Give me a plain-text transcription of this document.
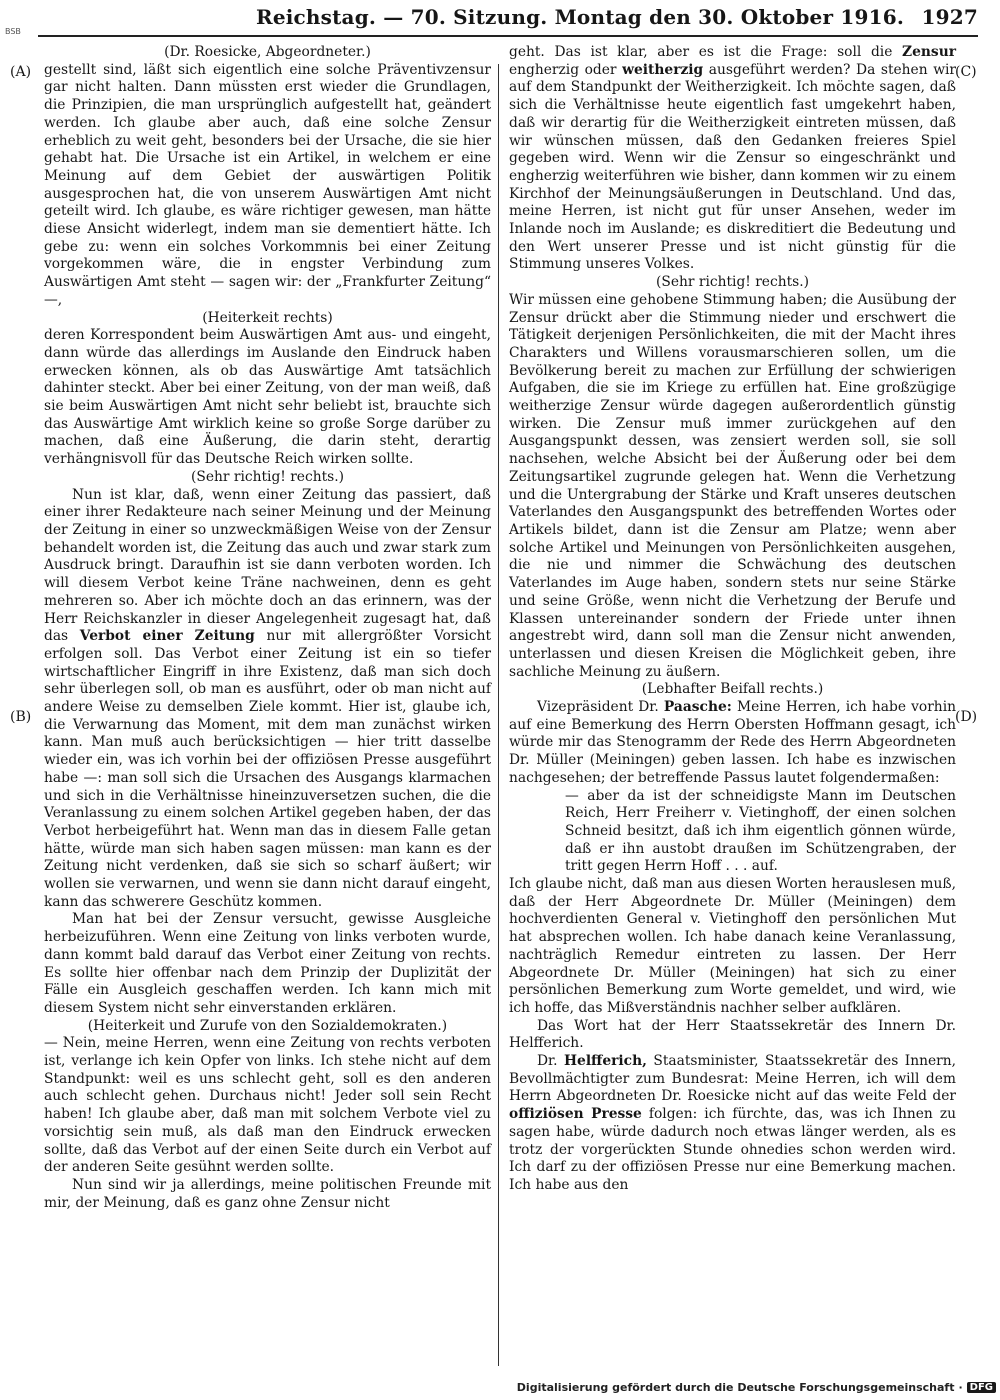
BSB
Reichstag. — 70. Sitzung. Montag den 30. Oktober 1916. 1927
(A)
(B)
(C)
(D)

(Dr. Roesicke, Abgeordneter.)

gestellt sind, läßt sich eigentlich eine solche Präventivzensur gar nicht halten. Dann müssten erst wieder die Grundlagen, die Prinzipien, die man ursprünglich aufgestellt hat, geändert werden. Ich glaube aber auch, daß eine solche Zensur erheblich zu weit geht, besonders bei der Ursache, die sie hier gehabt hat. Die Ursache ist ein Artikel, in welchem er eine Meinung auf dem Gebiet der auswärtigen Politik ausgesprochen hat, die von unserem Auswärtigen Amt nicht geteilt wird. Ich glaube, es wäre richtiger gewesen, man hätte diese Ansicht widerlegt, indem man sie dementiert hätte. Ich gebe zu: wenn ein solches Vorkommnis bei einer Zeitung vorgekommen wäre, die in engster Verbindung zum Auswärtigen Amt steht — sagen wir: der „Frankfurter Zeitung“ —,

(Heiterkeit rechts)

deren Korrespondent beim Auswärtigen Amt aus- und eingeht, dann würde das allerdings im Auslande den Eindruck haben erwecken können, als ob das Auswärtige Amt tatsächlich dahinter steckt. Aber bei einer Zeitung, von der man weiß, daß sie beim Auswärtigen Amt nicht sehr beliebt ist, brauchte sich das Auswärtige Amt wirklich keine so große Sorge darüber zu machen, daß eine Äußerung, die darin steht, derartig verhängnisvoll für das Deutsche Reich wirken sollte.

(Sehr richtig! rechts.)

Nun ist klar, daß, wenn einer Zeitung das passiert, daß einer ihrer Redakteure nach seiner Meinung und der Meinung der Zeitung in einer so unzweckmäßigen Weise von der Zensur behandelt worden ist, die Zeitung das auch und zwar stark zum Ausdruck bringt. Daraufhin ist sie dann verboten worden. Ich will diesem Verbot keine Träne nachweinen, denn es geht mehreren so. Aber ich möchte doch an das erinnern, was der Herr Reichskanzler in dieser Angelegenheit zugesagt hat, daß das Verbot einer Zeitung nur mit allergrößter Vorsicht erfolgen soll. Das Verbot einer Zeitung ist ein so tiefer wirtschaftlicher Eingriff in ihre Existenz, daß man sich doch sehr überlegen soll, ob man es ausführt, oder ob man nicht auf andere Weise zu demselben Ziele kommt. Hier ist, glaube ich, die Verwarnung das Moment, mit dem man zunächst wirken kann. Man muß auch berücksichtigen — hier tritt dasselbe wieder ein, was ich vorhin bei der offiziösen Presse ausgeführt habe —: man soll sich die Ursachen des Ausgangs klarmachen und sich in die Verhältnisse hineinzuversetzen suchen, die die Veranlassung zu einem solchen Artikel gegeben haben, der das Verbot herbeigeführt hat. Wenn man das in diesem Falle getan hätte, würde man sich haben sagen müssen: man kann es der Zeitung nicht verdenken, daß sie sich so scharf äußert; wir wollen sie verwarnen, und wenn sie dann nicht darauf eingeht, kann das schwerere Geschütz kommen.

Man hat bei der Zensur versucht, gewisse Ausgleiche herbeizuführen. Wenn eine Zeitung von links verboten wurde, dann kommt bald darauf das Verbot einer Zeitung von rechts. Es sollte hier offenbar nach dem Prinzip der Duplizität der Fälle ein Ausgleich geschaffen werden. Ich kann mich mit diesem System nicht sehr einverstanden erklären.

(Heiterkeit und Zurufe von den Sozialdemokraten.)

— Nein, meine Herren, wenn eine Zeitung von rechts verboten ist, verlange ich kein Opfer von links. Ich stehe nicht auf dem Standpunkt: weil es uns schlecht geht, soll es den anderen auch schlecht gehen. Durchaus nicht! Jeder soll sein Recht haben! Ich glaube aber, daß man mit solchem Verbote viel zu vorsichtig sein muß, als daß man den Eindruck erwecken sollte, daß das Verbot auf der einen Seite durch ein Verbot auf der anderen Seite gesühnt werden sollte.

Nun sind wir ja allerdings, meine politischen Freunde mit mir, der Meinung, daß es ganz ohne Zensur nicht

geht. Das ist klar, aber es ist die Frage: soll die Zensur engherzig oder weitherzig ausgeführt werden? Da stehen wir auf dem Standpunkt der Weitherzigkeit. Ich möchte sagen, daß sich die Verhältnisse heute eigentlich fast umgekehrt haben, daß wir derartig für die Weitherzigkeit eintreten müssen, daß wir wünschen müssen, daß den Gedanken freieres Spiel gegeben wird. Wenn wir die Zensur so eingeschränkt und engherzig weiterführen wie bisher, dann kommen wir zu einem Kirchhof der Meinungsäußerungen in Deutschland. Und das, meine Herren, ist nicht gut für unser Ansehen, weder im Inlande noch im Auslande; es diskreditiert die Bedeutung und den Wert unserer Presse und ist nicht günstig für die Stimmung unseres Volkes.

(Sehr richtig! rechts.)

Wir müssen eine gehobene Stimmung haben; die Ausübung der Zensur drückt aber die Stimmung nieder und erschwert die Tätigkeit derjenigen Persönlichkeiten, die mit der Macht ihres Charakters und Willens vorausmarschieren sollen, um die Bevölkerung bereit zu machen zur Erfüllung der schwierigen Aufgaben, die sie im Kriege zu erfüllen hat. Eine großzügige weitherzige Zensur würde dagegen außerordentlich günstig wirken. Die Zensur muß immer zurückgehen auf den Ausgangspunkt dessen, was zensiert werden soll, sie soll nachsehen, welche Absicht bei der Äußerung oder bei dem Zeitungsartikel zugrunde gelegen hat. Wenn die Verhetzung und die Untergrabung der Stärke und Kraft unseres deutschen Vaterlandes den Ausgangspunkt des betreffenden Wortes oder Artikels bildet, dann ist die Zensur am Platze; wenn aber solche Artikel und Meinungen von Persönlichkeiten ausgehen, die nie und nimmer die Schwächung des deutschen Vaterlandes im Auge haben, sondern stets nur seine Stärke und seine Größe, wenn nicht die Verhetzung der Berufe und Klassen untereinander sondern der Friede unter ihnen angestrebt wird, dann soll man die Zensur nicht anwenden, unterlassen und diesen Kreisen die Möglichkeit geben, ihre sachliche Meinung zu äußern.

(Lebhafter Beifall rechts.)

Vizepräsident Dr. Paasche: Meine Herren, ich habe vorhin auf eine Bemerkung des Herrn Obersten Hoffmann gesagt, ich würde mir das Stenogramm der Rede des Herrn Abgeordneten Dr. Müller (Meiningen) geben lassen. Ich habe es inzwischen nachgesehen; der betreffende Passus lautet folgendermaßen:

— aber da ist der schneidigste Mann im Deutschen Reich, Herr Freiherr v. Vietinghoff, der einen solchen Schneid besitzt, daß ich ihm eigentlich gönnen würde, daß er ihn austobt draußen im Schützengraben, der tritt gegen Herrn Hoff . . . auf.

Ich glaube nicht, daß man aus diesen Worten herauslesen muß, daß der Herr Abgeordnete Dr. Müller (Meiningen) dem hochverdienten General v. Vietinghoff den persönlichen Mut hat absprechen wollen. Ich habe danach keine Veranlassung, nachträglich Remedur eintreten zu lassen. Der Herr Abgeordnete Dr. Müller (Meiningen) hat sich zu einer persönlichen Bemerkung zum Worte gemeldet, und wird, wie ich hoffe, das Mißverständnis nachher selber aufklären.

Das Wort hat der Herr Staatssekretär des Innern Dr. Helfferich.

Dr. Helfferich, Staatsminister, Staatssekretär des Innern, Bevollmächtigter zum Bundesrat: Meine Herren, ich will dem Herrn Abgeordneten Dr. Roesicke nicht auf das weite Feld der offiziösen Presse folgen: ich fürchte, das, was ich Ihnen zu sagen habe, würde dadurch noch etwas länger werden, als es trotz der vorgerückten Stunde ohnedies schon werden wird. Ich darf zu der offiziösen Presse nur eine Bemerkung machen. Ich habe aus den

Digitalisierung gefördert durch die Deutsche Forschungsgemeinschaft · DFG
